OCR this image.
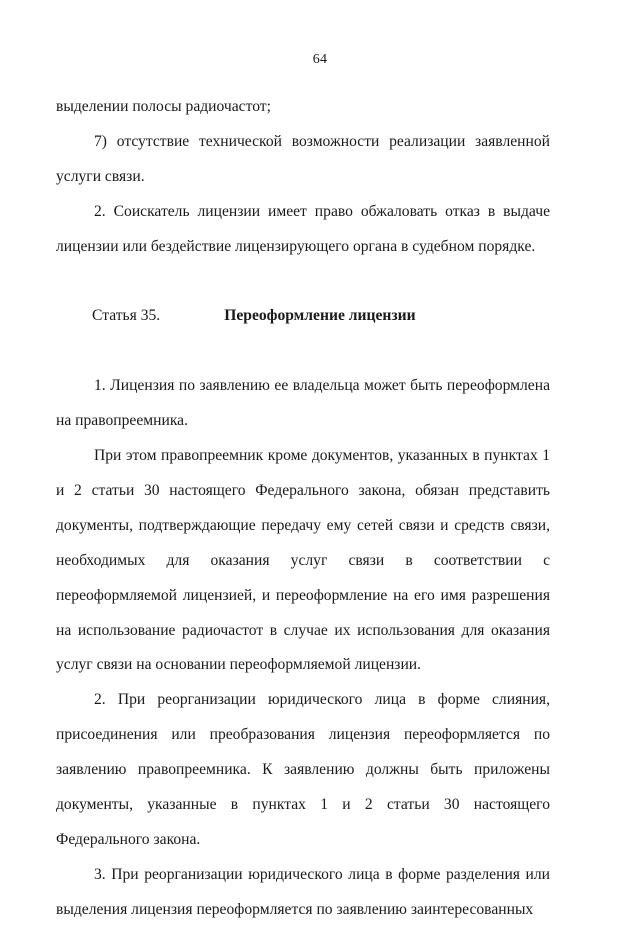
64

выделении полосы радиочастот;

7) отсутствие технической возможности реализации заявленной услуги связи.

2. Соискатель лицензии имеет право обжаловать отказ в выдаче лицензии или бездействие лицензирующего органа в судебном порядке.

Статья 35.	Переоформление лицензии

1. Лицензия по заявлению ее владельца может быть переоформлена на правопреемника.

При этом правопреемник кроме документов, указанных в пунктах 1 и 2 статьи 30 настоящего Федерального закона, обязан представить документы, подтверждающие передачу ему сетей связи и средств связи, необходимых для оказания услуг связи в соответствии с переоформляемой лицензией, и переоформление на его имя разрешения на использование радиочастот в случае их использования для оказания услуг связи на основании переоформляемой лицензии.

2. При реорганизации юридического лица в форме слияния, присоединения или преобразования лицензия переоформляется по заявлению правопреемника. К заявлению должны быть приложены документы, указанные в пунктах 1 и 2 статьи 30 настоящего Федерального закона.

3. При реорганизации юридического лица в форме разделения или выделения лицензия переоформляется по заявлению заинтересованных
